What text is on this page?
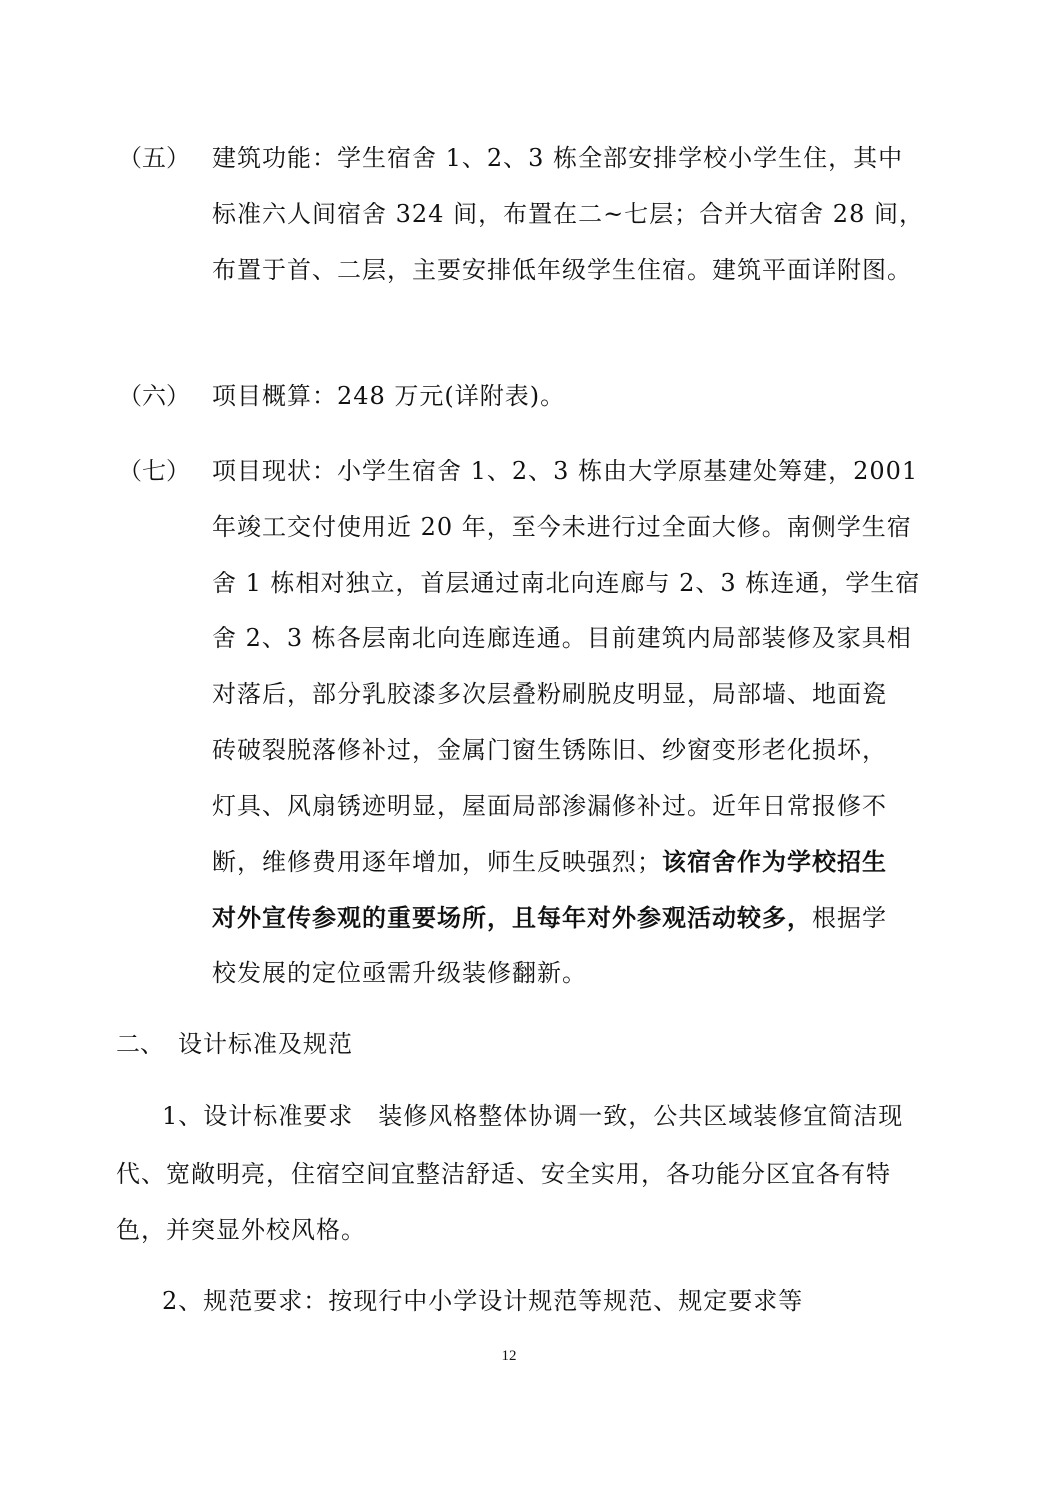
（五） 建筑功能：学生宿舍 1、2、3 栋全部安排学校小学生住，其中
标准六人间宿舍 324 间，布置在二~七层；合并大宿舍 28 间，
布置于首、二层，主要安排低年级学生住宿。建筑平面详附图。
（六） 项目概算：248 万元(详附表)。
（七） 项目现状：小学生宿舍 1、2、3 栋由大学原基建处筹建，2001
年竣工交付使用近 20 年，至今未进行过全面大修。南侧学生宿
舍 1 栋相对独立，首层通过南北向连廊与 2、3 栋连通，学生宿
舍 2、3 栋各层南北向连廊连通。目前建筑内局部装修及家具相
对落后，部分乳胶漆多次层叠粉刷脱皮明显，局部墙、地面瓷
砖破裂脱落修补过，金属门窗生锈陈旧、纱窗变形老化损坏，
灯具、风扇锈迹明显，屋面局部渗漏修补过。近年日常报修不
断，维修费用逐年增加，师生反映强烈；该宿舍作为学校招生
对外宣传参观的重要场所，且每年对外参观活动较多，根据学
校发展的定位亟需升级装修翻新。
二、 设计标准及规范
1、设计标准要求　装修风格整体协调一致，公共区域装修宜简洁现
代、宽敞明亮，住宿空间宜整洁舒适、安全实用，各功能分区宜各有特
色，并突显外校风格。
2、规范要求：按现行中小学设计规范等规范、规定要求等
12
